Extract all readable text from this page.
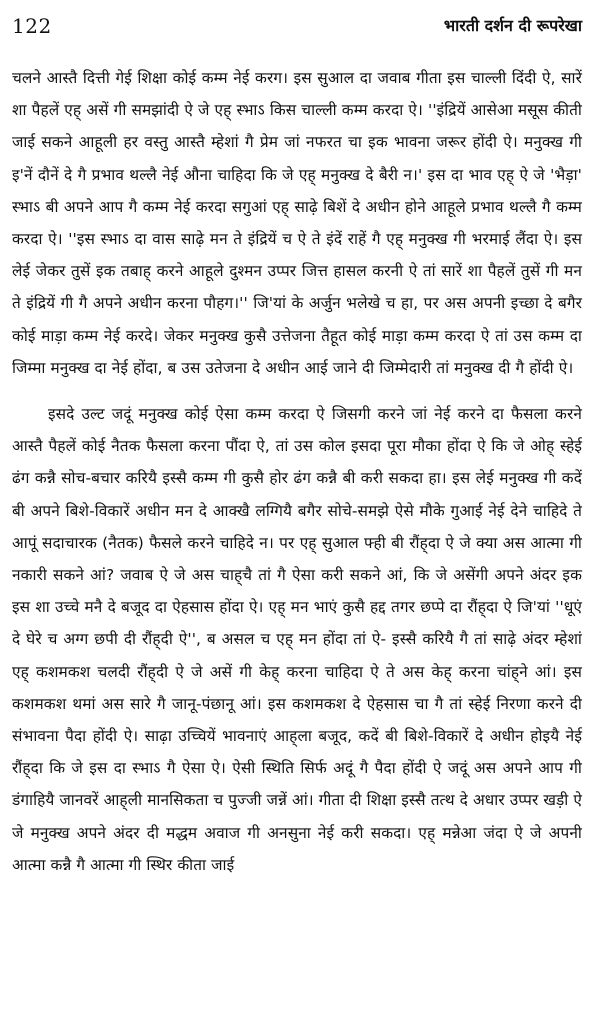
122	भारती दर्शन दी रूपरेखा

चलने आस्तै दित्ती गेई शिक्षा कोई कम्म नेई करग। इस सुआल दा जवाब गीता इस चाल्ली दिंदी ऐ, सारें शा पैहलें एह् असें गी समझांदी ऐ जे एह् स्भाऽ किस चाल्ली कम्म करदा ऐ। ''इंद्रियें आसेआ मसूस कीती जाई सकने आहूली हर वस्तु आस्तै म्हेशां गै प्रेम जां नफरत चा इक भावना जरूर होंदी ऐ। मनुक्ख गी इ'नें दौनें दे गै प्रभाव थल्लै नेई औना चाहिदा कि जे एह् मनुक्ख दे बैरी न।' इस दा भाव एह् ऐ जे 'भैड़ा' स्भाऽ बी अपने आप गै कम्म नेई करदा सगुआं एह् साढ़े बिशें दे अधीन होने आहूले प्रभाव थल्लै गै कम्म करदा ऐ। ''इस स्भाऽ दा वास साढ़े मन ते इंद्रियें च ऐ ते इंदें राहें गै एह् मनुक्ख गी भरमाई लैंदा ऐ। इस लेई जेकर तुसें इक तबाह् करने आहूले दुश्मन उप्पर जित्त हासल करनी ऐ तां सारें शा पैहलें तुसें गी मन ते इंद्रियें गी गै अपने अधीन करना पौहग।'' जि'यां के अर्जुन भलेखे च हा, पर अस अपनी इच्छा दे बगैर कोई माड़ा कम्म नेई करदे। जेकर मनुक्ख कुसै उत्तेजना तैहूत कोई माड़ा कम्म करदा ऐ तां उस कम्म दा जिम्मा मनुक्ख दा नेई होंदा, ब उस उतेजना दे अधीन आई जाने दी जिम्मेदारी तां मनुक्ख दी गै होंदी ऐ।

इसदे उल्ट जदूं मनुक्ख कोई ऐसा कम्म करदा ऐ जिसगी करने जां नेई करने दा फैसला करने आस्तै पैहलें कोई नैतक फैसला करना पौंदा ऐ, तां उस कोल इसदा पूरा मौका होंदा ऐ कि जे ओह् स्हेई ढंग कन्नै सोच-बचार करियै इस्सै कम्म गी कुसै होर ढंग कन्नै बी करी सकदा हा। इस लेई मनुक्ख गी कदें बी अपने बिशे-विकारें अधीन मन दे आक्खै लग्गियै बगैर सोचे-समझे ऐसे मौके गुआई नेई देने चाहिदे ते आपूं सदाचारक (नैतक) फैसले करने चाहिदे न। पर एह् सुआल फ्ही बी रौंह्‌दा ऐ जे क्या अस आत्मा गी नकारी सकने आं? जवाब ऐ जे अस चाह्‌चै तां गै ऐसा करी सकने आं, कि जे असेंगी अपने अंदर इक इस शा उच्चे मनै दे बजूद दा ऐहसास होंदा ऐ। एह् मन भाएं कुसै हद्द तगर छप्पे दा रौंह्‌दा ऐ जि'यां ''धूएं दे घेरे च अग्ग छपी दी रौंह्‌दी ऐ'', ब असल च एह् मन होंदा तां ऐ- इस्सै करियै गै तां साढ़े अंदर म्हेशां एह् कशमकश चलदी रौंह्‌दी ऐ जे असें गी केह् करना चाहिदा ऐ ते अस केह् करना चांह्‌ने आं। इस कशमकश थमां अस सारे गै जानू-पंछानू आं। इस कशमकश दे ऐहसास चा गै तां स्हेई निरणा करने दी संभावना पैदा होंदी ऐ। साढ़ा उच्चियें भावनाएं आह्‌ला बजूद, कदें बी बिशे-विकारें दे अधीन होइयै नेई रौंह्‌दा कि जे इस दा स्भाऽ गै ऐसा ऐ। ऐसी स्थिति सिर्फ अदूं गै पैदा होंदी ऐ जदूं अस अपने आप गी डंगाहियै जानवरें आह्‌ली मानसिकता च पुज्जी जन्नें आं। गीता दी शिक्षा इस्सै तत्थ दे अधार उप्पर खड़ी ऐ जे मनुक्ख अपने अंदर दी मद्धम अवाज गी अनसुना नेई करी सकदा। एह् मन्नेआ जंदा ऐ जे अपनी आत्मा कन्नै गै आत्मा गी स्थिर कीता जाई
